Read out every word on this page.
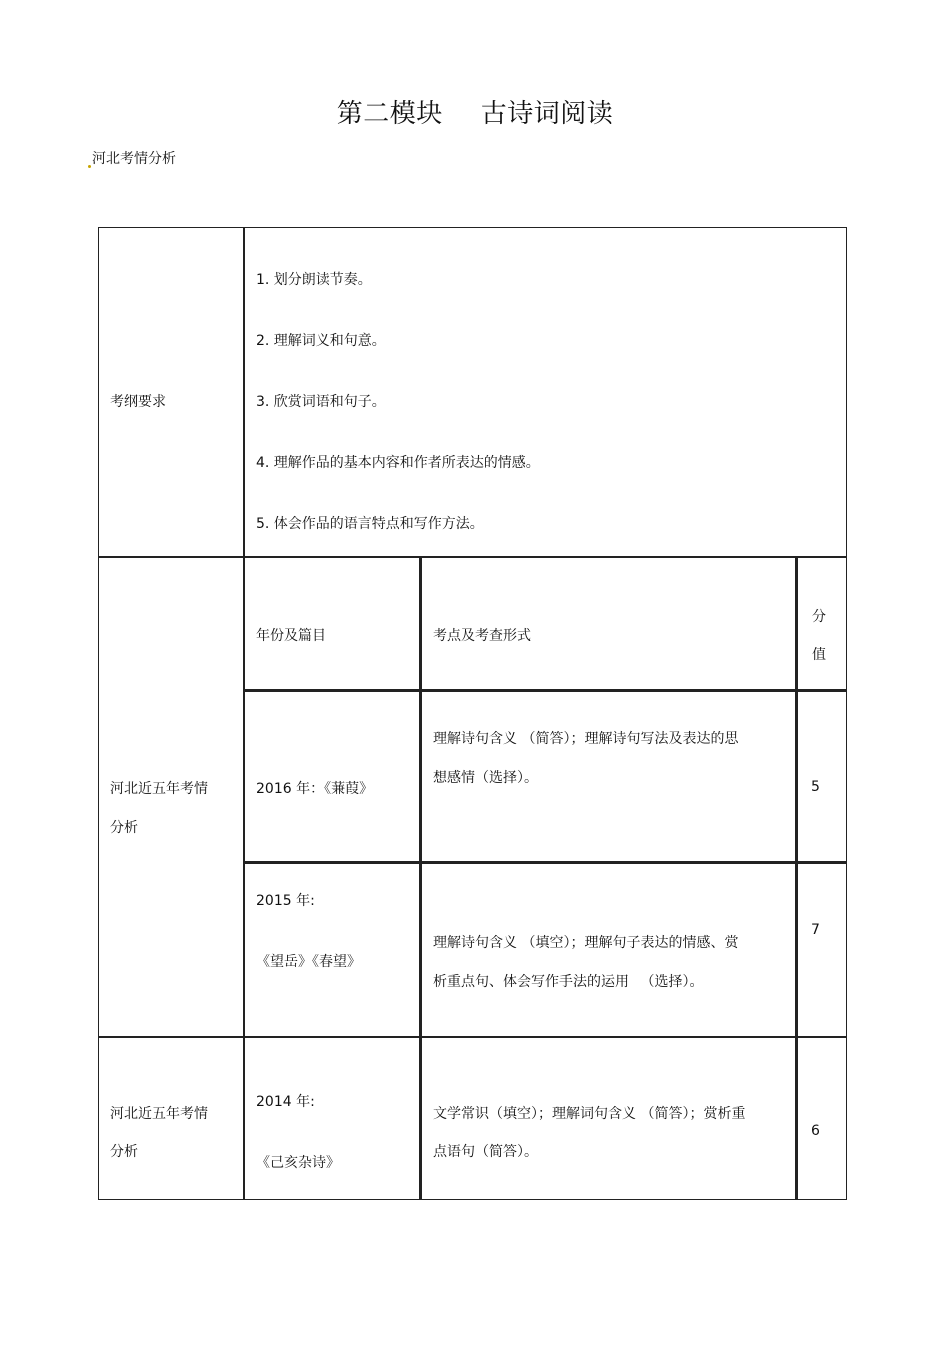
第二模块 古诗词阅读
河北考情分析
考纲要求
1. 划分朗读节奏。
2. 理解词义和句意。
3. 欣赏词语和句子。
4. 理解作品的基本内容和作者所表达的情感。
5. 体会作品的语言特点和写作方法。
河北近五年考情
分析
年份及篇目	考点及考查形式
分
值
2016 年：《蒹葭》
理解诗句含义 （简答）；理解诗句写法及表达的思
想感情（选择）。
5
2015 年:
《望岳》《春望》
理解诗句含义 （填空）；理解句子表达的情感、赏
析重点句、体会写作手法的运用 　（选择）。
7
河北近五年考情
分析
2014 年:
《己亥杂诗》
文学常识（填空）；理解词句含义 （简答）；赏析重
点语句（简答）。
6
